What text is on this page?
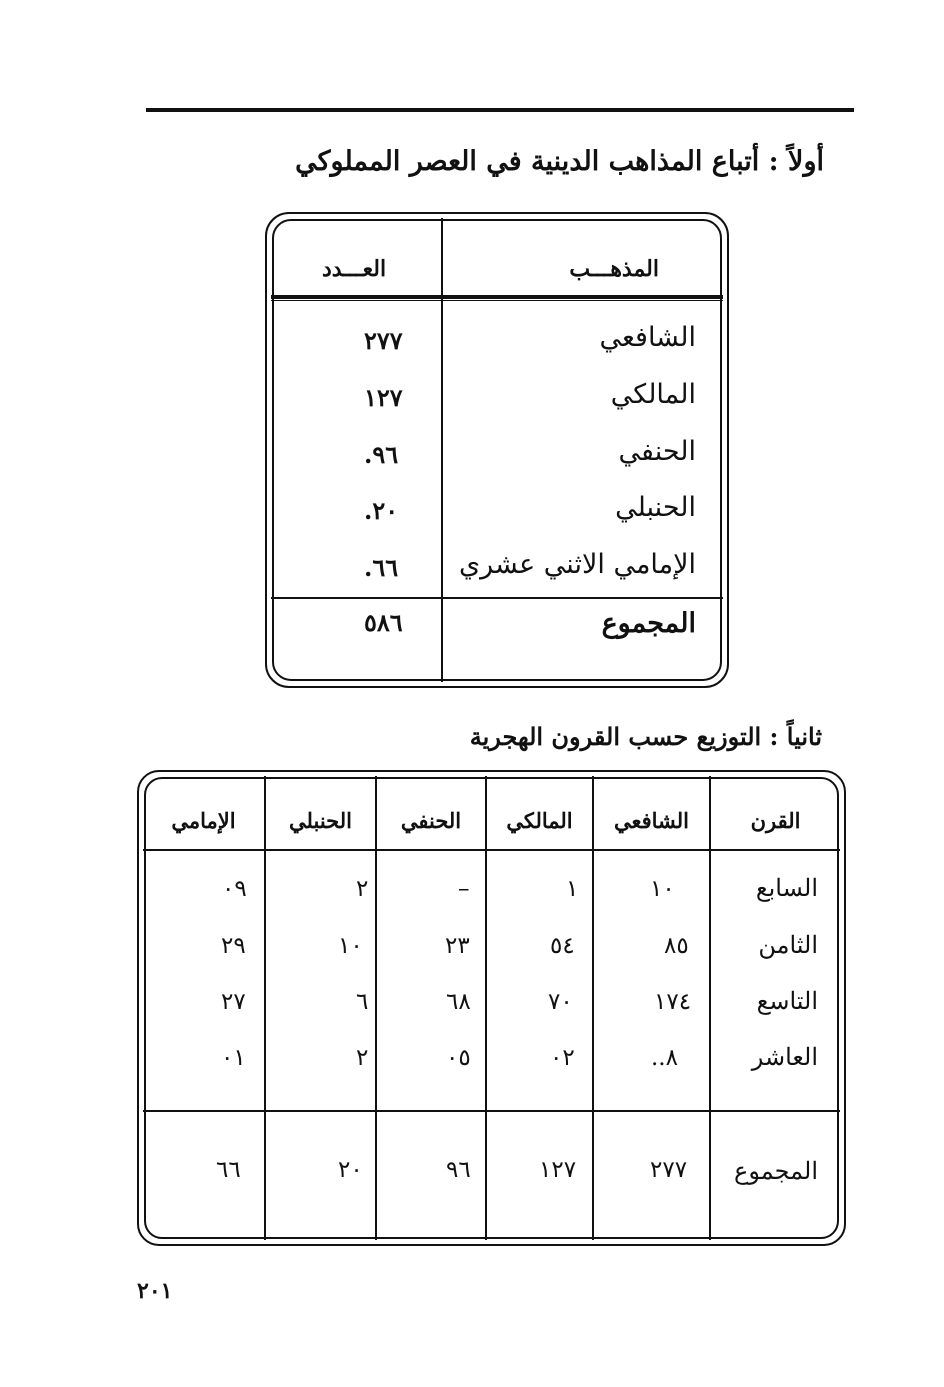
أولاً : أتباع المذاهب الدينية في العصر المملوكي
المذهـــب
العـــدد
الشافعي
٢٧٧
المالكي
١٢٧
الحنفي
.٩٦
الحنبلي
.٢٠
الإمامي الاثني عشري
.٦٦
المجموع
٥٨٦
ثانياً : التوزيع حسب القرون الهجرية
القرن
الشافعي
المالكي
الحنفي
الحنبلي
الإمامي
السابع
١٠
١
–
٢
٠٩
الثامن
٨٥
٥٤
٢٣
١٠
٢٩
التاسع
١٧٤
٧٠
٦٨
٦
٢٧
العاشر
٨..
٠٢
٠٥
٢
٠١
المجموع
٢٧٧
١٢٧
٩٦
٢٠
٦٦
٢٠١
